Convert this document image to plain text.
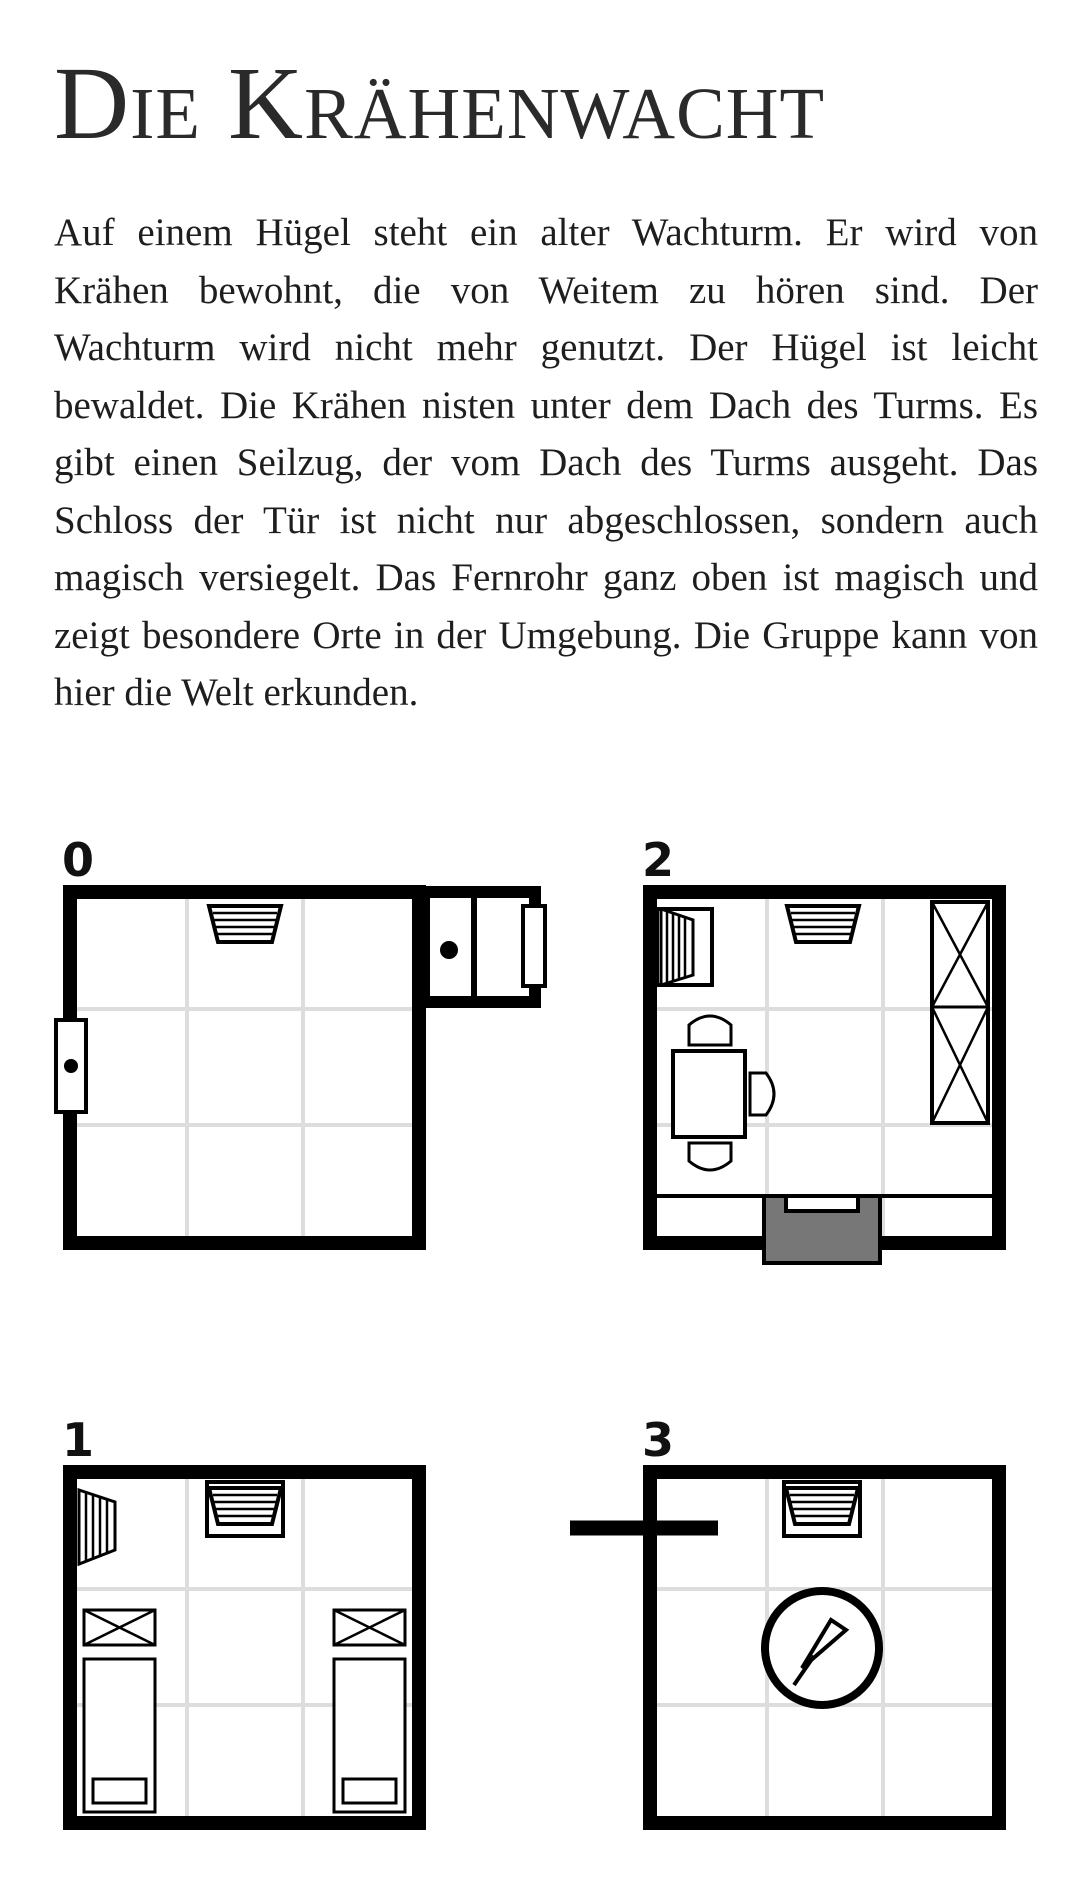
Die Krähenwacht

Auf einem Hügel steht ein alter Wachturm. Er wird von Krähen bewohnt, die von Weitem zu hören sind. Der Wachturm wird nicht mehr genutzt. Der Hügel ist leicht bewaldet. Die Krähen nisten unter dem Dach des Turms. Es gibt einen Seilzug, der vom Dach des Turms ausgeht. Das Schloss der Tür ist nicht nur abgeschlossen, sondern auch magisch versiegelt. Das Fernrohr ganz oben ist magisch und zeigt besondere Orte in der Umgebung. Die Gruppe kann von hier die Welt erkunden.

0	2
1	3
